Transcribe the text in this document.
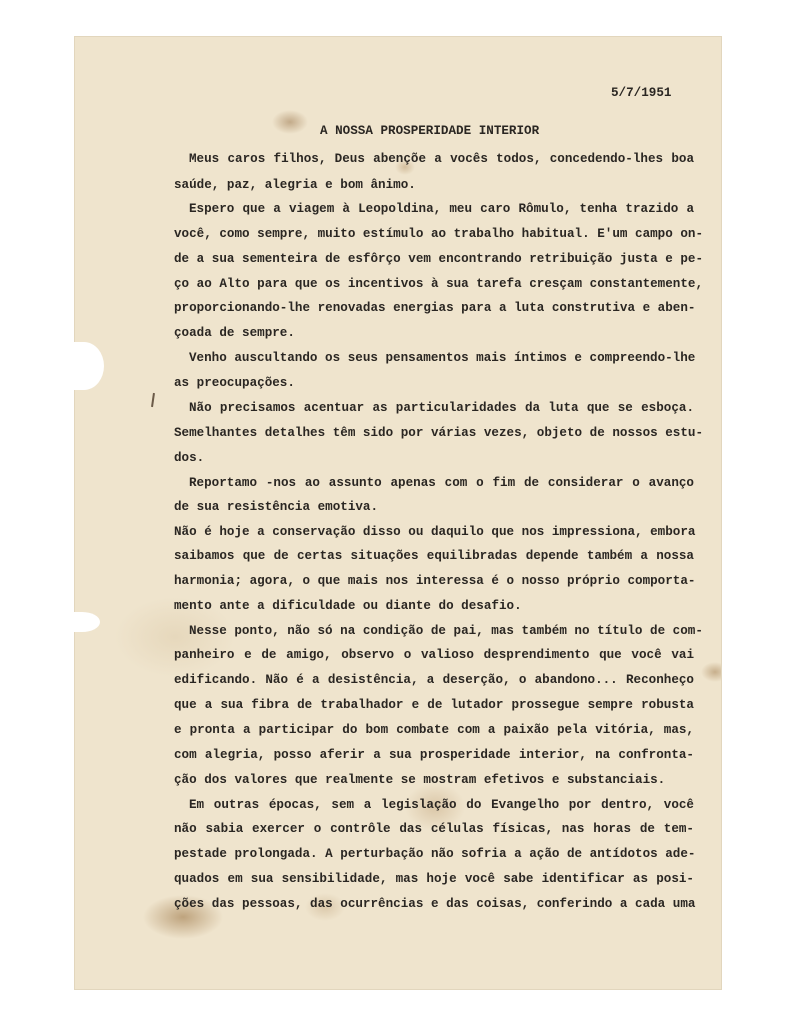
5/7/1951
A NOSSA PROSPERIDADE INTERIOR
Meus caros filhos, Deus abençõe a vocês todos, concedendo-lhes boa
saúde, paz, alegria e bom ânimo.
Espero que a viagem à Leopoldina, meu caro Rômulo, tenha trazido a
você, como sempre, muito estímulo ao trabalho habitual. E'um campo on-
de a sua sementeira de esfôrço vem encontrando retribuição justa e pe-
ço ao Alto para que os incentivos à sua tarefa cresçam constantemente,
proporcionando-lhe renovadas energias para a luta construtiva e aben-
çoada de sempre.
Venho auscultando os seus pensamentos mais íntimos e compreendo-lhe
as preocupações.
Não precisamos acentuar as particularidades da luta que se esboça.
Semelhantes detalhes têm sido por várias vezes, objeto de nossos estu-
dos.
Reportamo -nos ao assunto apenas com o fim de considerar o avanço
de sua resistência emotiva.
Não é hoje a conservação disso ou daquilo que nos impressiona, embora
saibamos que de certas situações equilibradas depende também a nossa
harmonia; agora, o que mais nos interessa é o nosso próprio comporta-
mento ante a dificuldade ou diante do desafio.
Nesse ponto, não só na condição de pai, mas também no título de com-
panheiro e de amigo, observo o valioso desprendimento que você vai
edificando. Não é a desistência, a deserção, o abandono... Reconheço
que a sua fibra de trabalhador e de lutador prossegue sempre robusta
e pronta a participar do bom combate com a paixão pela vitória, mas,
com alegria, posso aferir a sua prosperidade interior, na confronta-
ção dos valores que realmente se mostram efetivos e substanciais.
Em outras épocas, sem a legislação do Evangelho por dentro, você
não sabia exercer o contrôle das células físicas, nas horas de tem-
pestade prolongada. A perturbação não sofria a ação de antídotos ade-
quados em sua sensibilidade, mas hoje você sabe identificar as posi-
ções das pessoas, das ocurrências e das coisas, conferindo a cada uma
